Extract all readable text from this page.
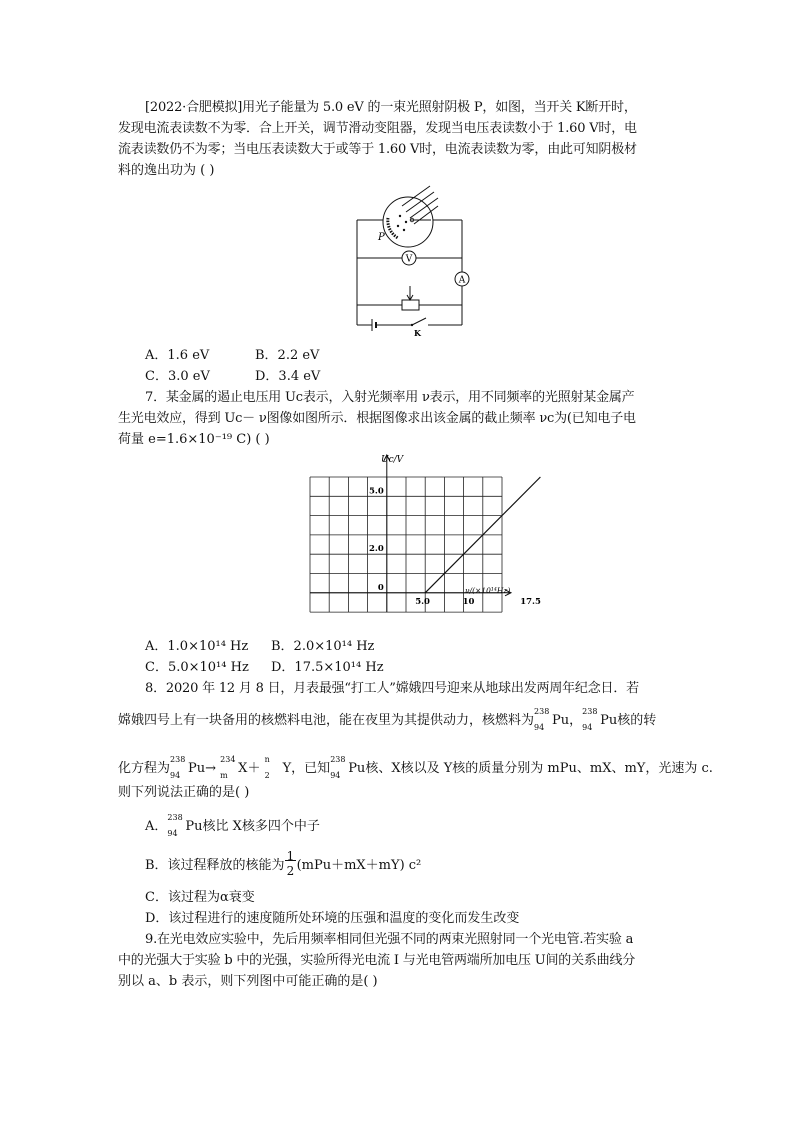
[2022·合肥模拟]用光子能量为 5.0 eV 的一束光照射阴极 P，如图，当开关 K断开时，
发现电流表读数不为零．合上开关，调节滑动变阻器，发现当电压表读数小于 1.60 V时，电
流表读数仍不为零；当电压表读数大于或等于 1.60 V时，电流表读数为零，由此可知阴极材
料的逸出功为 ( )
V
A
K
P
A．1.6 eV	B．2.2 eV
C．3.0 eV	D．3.4 eV
7．某金属的遏止电压用 Uc表示，入射光频率用 ν表示，用不同频率的光照射某金属产
生光电效应，得到 Uc－ ν图像如图所示．根据图像求出该金属的截止频率 νc为(已知电子电
荷量 e=1.6×10⁻¹⁹ C) ( )
5.0	10	17.5
0
2.0
5.0
Uc/V
ν/(×10¹⁴Hz)
A．1.0×10¹⁴ Hz B．2.0×10¹⁴ Hz
C．5.0×10¹⁴ Hz D．17.5×10¹⁴ Hz
8．2020 年 12 月 8 日，月表最强“打工人”嫦娥四号迎来从地球出发两周年纪念日．若
嫦娥四号上有一块备用的核燃料电池，能在夜里为其提供动力，核燃料为
238
94 Pu，
238
94 Pu核的转
化方程为
238
94 Pu→
234
m X＋
n
2 Y，已知
238
94 Pu核、X核以及 Y核的质量分别为 mPu、mX、mY，光速为 c.
则下列说法正确的是( )
A．
238
94 Pu核比 X核多四个中子
B．该过程释放的核能为 $\frac{1}{2} (mPu+mX+mY)$ c²
C．该过程为α衰变
D．该过程进行的速度随所处环境的压强和温度的变化而发生改变
9.在光电效应实验中，先后用频率相同但光强不同的两束光照射同一个光电管.若实验 a
中的光强大于实验 b 中的光强，实验所得光电流 I 与光电管两端所加电压 U间的关系曲线分
别以 a、b 表示，则下列图中可能正确的是( )
